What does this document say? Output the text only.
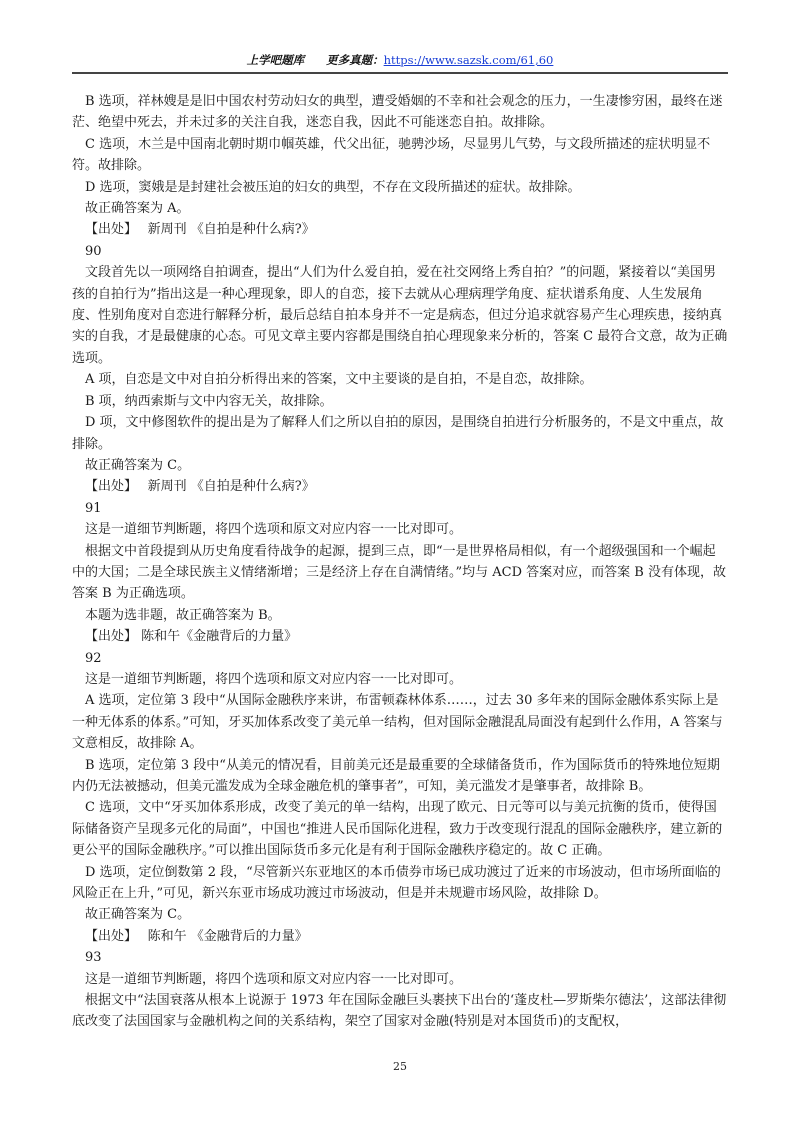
上学吧题库 更多真题：https://www.sazsk.com/61,60

B 选项，祥林嫂是是旧中国农村劳动妇女的典型，遭受婚姻的不幸和社会观念的压力，一生凄惨穷困，最终在迷茫、绝望中死去，并未过多的关注自我，迷恋自我，因此不可能迷恋自拍。故排除。

C 选项，木兰是中国南北朝时期巾帼英雄，代父出征，驰骋沙场，尽显男儿气势，与文段所描述的症状明显不符。故排除。

D 选项，窦娥是是封建社会被压迫的妇女的典型，不存在文段所描述的症状。故排除。

故正确答案为 A。

【出处】　 新周刊 《自拍是种什么病?》

90

文段首先以一项网络自拍调查，提出“人们为什么爱自拍，爱在社交网络上秀自拍？”的问题，紧接着以“美国男孩的自拍行为”指出这是一种心理现象，即人的自恋，接下去就从心理病理学角度、症状谱系角度、人生发展角度、性别角度对自恋进行解释分析，最后总结自拍本身并不一定是病态，但过分追求就容易产生心理疾患，接纳真实的自我，才是最健康的心态。可见文章主要内容都是围绕自拍心理现象来分析的，答案 C 最符合文意，故为正确选项。

A 项，自恋是文中对自拍分析得出来的答案，文中主要谈的是自拍，不是自恋，故排除。

B 项，纳西索斯与文中内容无关，故排除。

D 项，文中修图软件的提出是为了解释人们之所以自拍的原因，是围绕自拍进行分析服务的，不是文中重点，故排除。

故正确答案为 C。

【出处】　 新周刊 《自拍是种什么病?》

91

这是一道细节判断题，将四个选项和原文对应内容一一比对即可。

根据文中首段提到从历史角度看待战争的起源，提到三点，即“一是世界格局相似，有一个超级强国和一个崛起中的大国；二是全球民族主义情绪渐增；三是经济上存在自满情绪。”均与 ACD 答案对应，而答案 B 没有体现，故答案 B 为正确选项。

本题为选非题，故正确答案为 B。

【出处】 陈和午《金融背后的力量》

92

这是一道细节判断题，将四个选项和原文对应内容一一比对即可。

A 选项，定位第 3 段中“从国际金融秩序来讲，布雷顿森林体系……，过去 30 多年来的国际金融体系实际上是一种无体系的体系。”可知，牙买加体系改变了美元单一结构，但对国际金融混乱局面没有起到什么作用，A 答案与文意相反，故排除 A。

B 选项，定位第 3 段中“从美元的情况看，目前美元还是最重要的全球储备货币，作为国际货币的特殊地位短期内仍无法被撼动，但美元滥发成为全球金融危机的肇事者”，可知，美元滥发才是肇事者，故排除 B。

C 选项，文中“牙买加体系形成，改变了美元的单一结构，出现了欧元、日元等可以与美元抗衡的货币，使得国际储备资产呈现多元化的局面”，中国也“推进人民币国际化进程，致力于改变现行混乱的国际金融秩序，建立新的更公平的国际金融秩序。”可以推出国际货币多元化是有利于国际金融秩序稳定的。故 C 正确。

D 选项，定位倒数第 2 段，“尽管新兴东亚地区的本币债券市场已成功渡过了近来的市场波动，但市场所面临的风险正在上升，”可见，新兴东亚市场成功渡过市场波动，但是并未规避市场风险，故排除 D。

故正确答案为 C。

【出处】　 陈和午 《金融背后的力量》

93

这是一道细节判断题，将四个选项和原文对应内容一一比对即可。

根据文中“法国衰落从根本上说源于 1973 年在国际金融巨头裹挟下出台的‘蓬皮杜—罗斯柴尔德法’，这部法律彻底改变了法国国家与金融机构之间的关系结构，架空了国家对金融(特别是对本国货币)的支配权，

25
